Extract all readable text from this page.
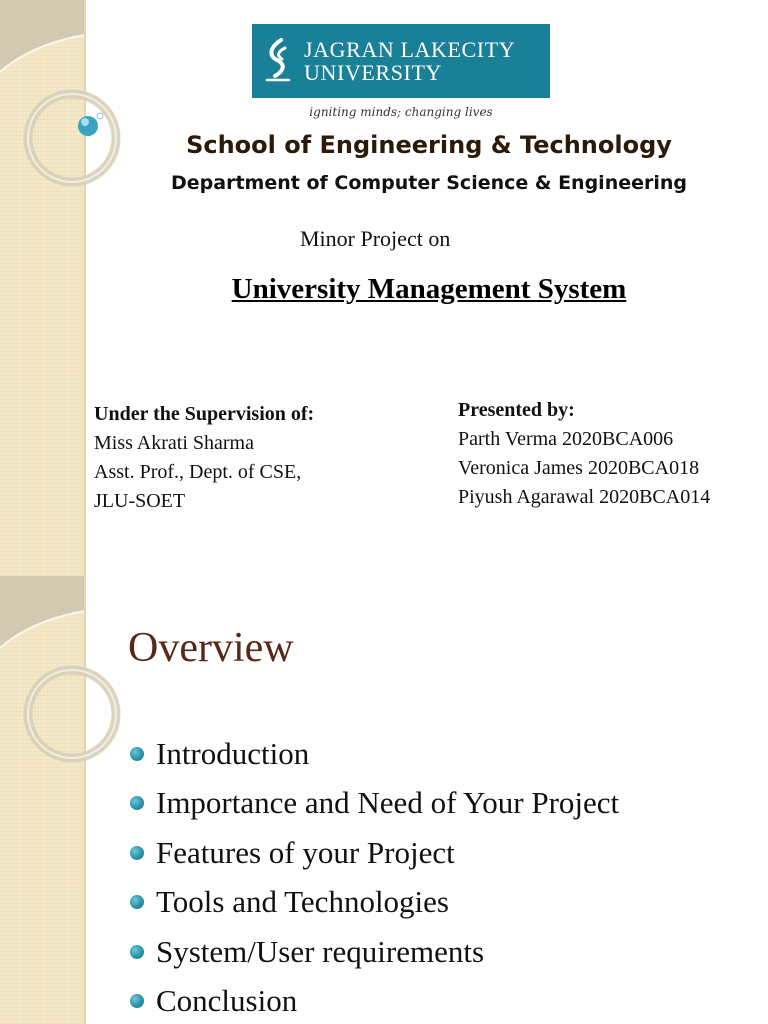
JAGRAN LAKECITY
UNIVERSITY
igniting minds; changing lives
School of Engineering & Technology
Department of Computer Science & Engineering
Minor Project on
University Management System
Under the Supervision of:
Miss Akrati Sharma
Asst. Prof., Dept. of CSE,
JLU-SOET
Presented by:
Parth Verma 2020BCA006
Veronica James 2020BCA018
Piyush Agarawal 2020BCA014
Overview
Introduction
Importance and Need of Your Project
Features of your Project
Tools and Technologies
System/User requirements
Conclusion
